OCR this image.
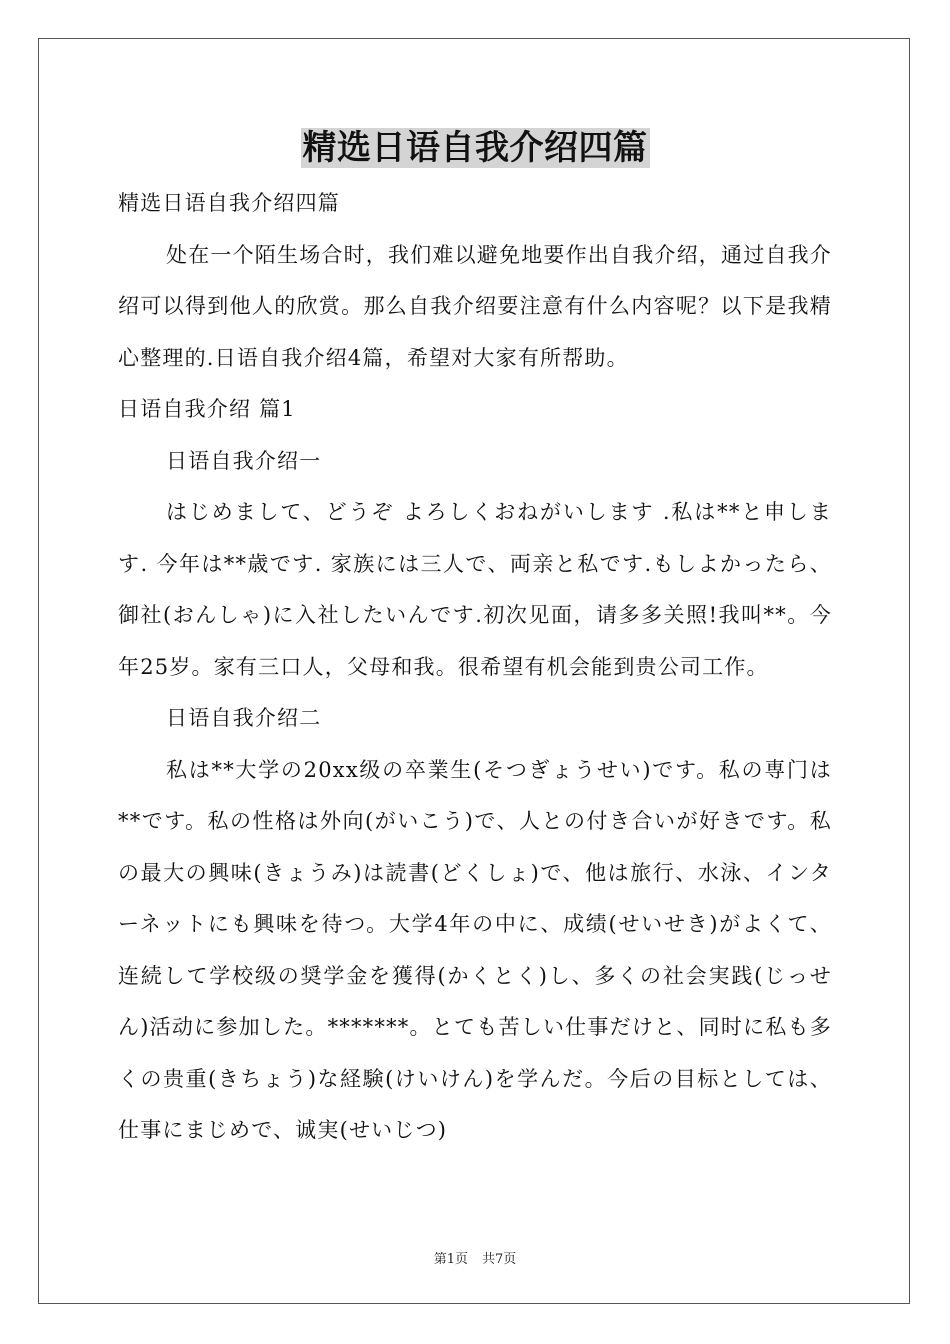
精选日语自我介绍四篇

精选日语自我介绍四篇

处在一个陌生场合时，我们难以避免地要作出自我介绍，通过自我介绍可以得到他人的欣赏。那么自我介绍要注意有什么内容呢？以下是我精心整理的.日语自我介绍4篇，希望对大家有所帮助。

日语自我介绍 篇1

日语自我介绍一

はじめまして、どうぞ よろしくおねがいします .私は**と申します. 今年は**歳です. 家族には三人で、両亲と私です.もしよかったら、御社(おんしゃ)に入社したいんです.初次见面，请多多关照!我叫**。今年25岁。家有三口人，父母和我。很希望有机会能到贵公司工作。

日语自我介绍二

私は**大学の20xx级の卒業生(そつぎょうせい)です。私の専门は**です。私の性格は外向(がいこう)で、人との付き合いが好きです。私の最大の興味(きょうみ)は読書(どくしょ)で、他は旅行、水泳、インターネットにも興味を待つ。大学4年の中に、成绩(せいせき)がよくて、连続して学校级の奨学金を獲得(かくとく)し、多くの社会実践(じっせん)活动に参加した。*******。とても苦しい仕事だけと、同时に私も多くの贵重(きちょう)な経験(けいけん)を学んだ。今后の目标としては、仕事にまじめで、诚実(せいじつ)

第1页 共7页
